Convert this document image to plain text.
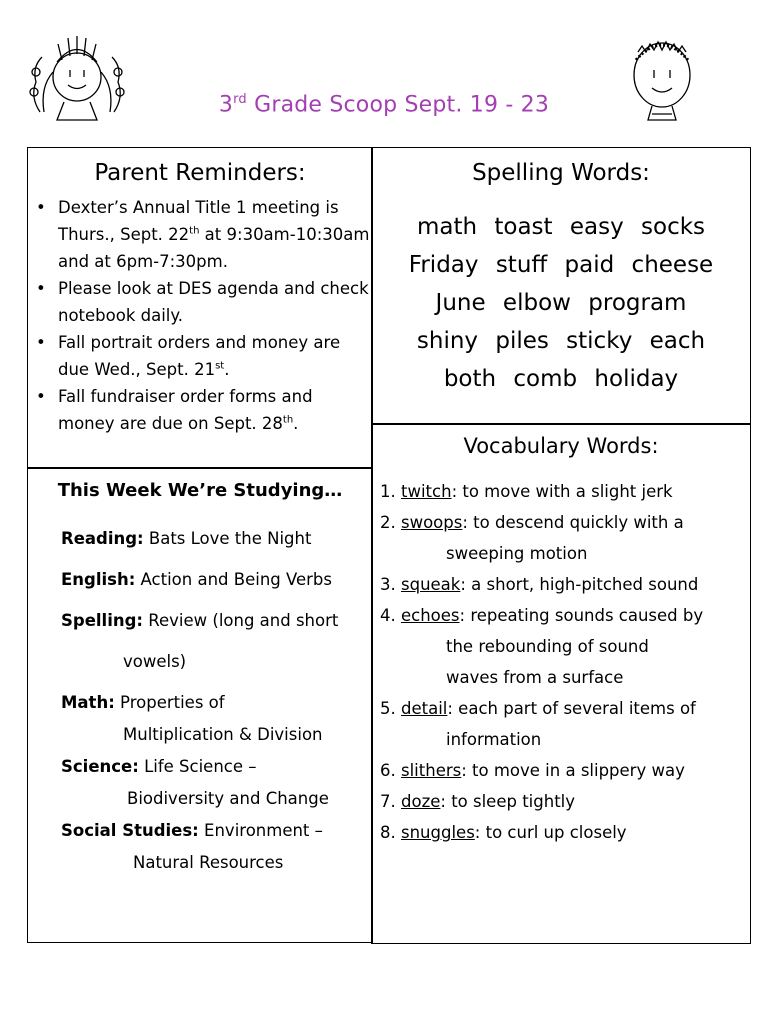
3rd Grade Scoop Sept. 19 - 23
Parent Reminders:
• Dexter’s Annual Title 1 meeting is Thurs., Sept. 22th at 9:30am-10:30am and at 6pm-7:30pm.
• Please look at DES agenda and check notebook daily.
• Fall portrait orders and money are due Wed., Sept. 21st.
• Fall fundraiser order forms and money are due on Sept. 28th.
Spelling Words:
math toast easy socks
Friday stuff paid cheese
June elbow program
shiny piles sticky each
both comb holiday
Vocabulary Words:
1. twitch: to move with a slight jerk
2. swoops: to descend quickly with a
sweeping motion
3. squeak: a short, high-pitched sound
4. echoes: repeating sounds caused by
the rebounding of sound waves from a surface
5. detail: each part of several items of
information
6. slithers: to move in a slippery way
7. doze: to sleep tightly
8. snuggles: to curl up closely
This Week We’re Studying…
Reading: Bats Love the Night
English: Action and Being Verbs
Spelling: Review (long and short
vowels)
Math: Properties of
Multiplication & Division
Science: Life Science –
Biodiversity and Change
Social Studies: Environment –
Natural Resources
